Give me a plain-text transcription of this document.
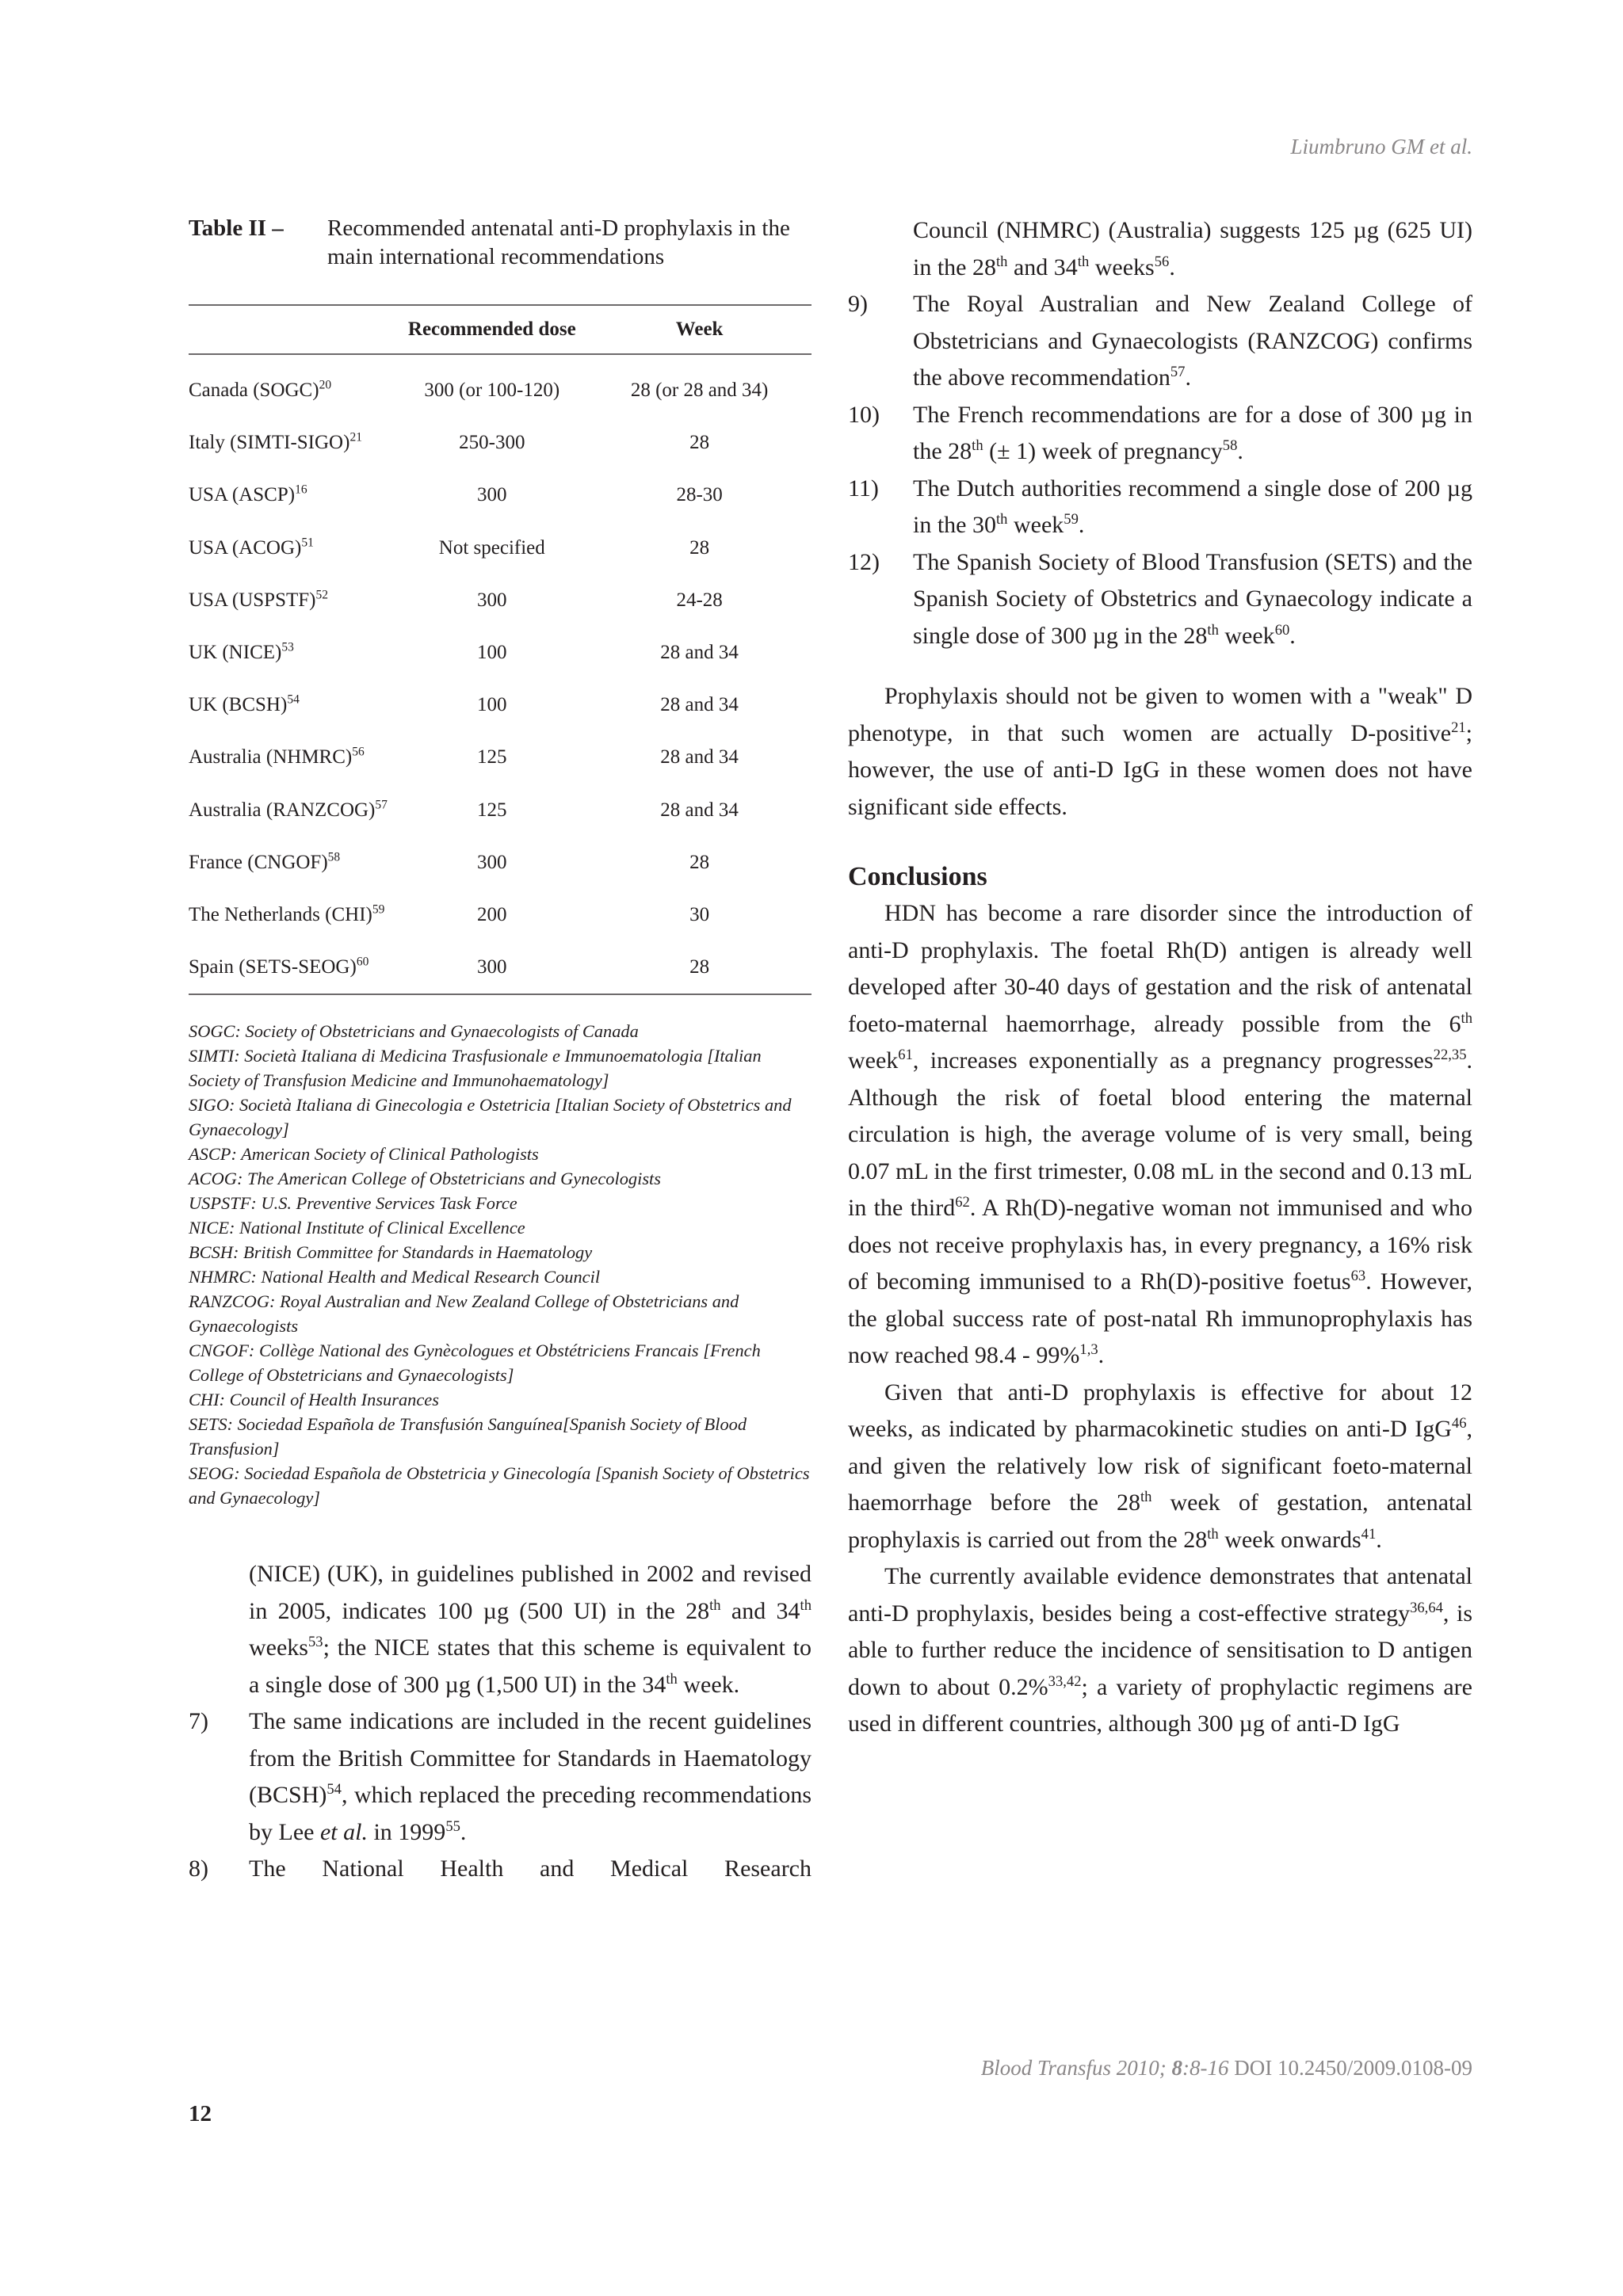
Liumbruno GM et al.
Table II –	Recommended antenatal anti-D prophylaxis in the main international recommendations
	Recommended dose	Week
Canada (SOGC)$^{20}$	300 (or 100-120)	28 (or 28 and 34)
Italy (SIMTI-SIGO)$^{21}$	250-300	28
USA (ASCP)$^{16}$	300	28-30
USA (ACOG)$^{51}$	Not specified	28
USA (USPSTF)$^{52}$	300	24-28
UK (NICE)$^{53}$	100	28 and 34
UK (BCSH)$^{54}$	100	28 and 34
Australia (NHMRC)$^{56}$	125	28 and 34
Australia (RANZCOG)$^{57}$	125	28 and 34
France (CNGOF)$^{58}$	300	28
The Netherlands (CHI)$^{59}$	200	30
Spain (SETS-SEOG)$^{60}$	300	28
SOGC: Society of Obstetricians and Gynaecologists of Canada
SIMTI: Società Italiana di Medicina Trasfusionale e Immunoematologia [Italian Society of Transfusion Medicine and Immunohaematology]
SIGO: Società Italiana di Ginecologia e Ostetricia [Italian Society of Obstetrics and Gynaecology]
ASCP: American Society of Clinical Pathologists
ACOG: The American College of Obstetricians and Gynecologists
USPSTF: U.S. Preventive Services Task Force
NICE: National Institute of Clinical Excellence
BCSH: British Committee for Standards in Haematology
NHMRC: National Health and Medical Research Council
RANZCOG: Royal Australian and New Zealand College of Obstetricians and Gynaecologists
CNGOF: Collège National des Gynècologues et Obstétriciens Francais [French College of Obstetricians and Gynaecologists]
CHI: Council of Health Insurances
SETS: Sociedad Española de Transfusión Sanguínea[Spanish Society of Blood Transfusion]
SEOG: Sociedad Española de Obstetricia y Ginecología [Spanish Society of Obstetrics and Gynaecology]
(NICE) (UK), in guidelines published in 2002 and revised in 2005, indicates 100 µg (500 UI) in the 28th and 34th weeks$^{53}$; the NICE states that this scheme is equivalent to a single dose of 300 µg (1,500 UI) in the 34th week.
7)	The same indications are included in the recent guidelines from the British Committee for Standards in Haematology (BCSH)$^{54}$, which replaced the preceding recommendations by Lee et al. in 1999$^{55}$.
8)	The National Health and Medical Research
Council (NHMRC) (Australia) suggests 125 µg (625 UI) in the 28th and 34th weeks$^{56}$.
9)	The Royal Australian and New Zealand College of Obstetricians and Gynaecologists (RANZCOG) confirms the above recommendation$^{57}$.
10)	The French recommendations are for a dose of 300 µg in the 28th (± 1) week of pregnancy$^{58}$.
11)	The Dutch authorities recommend a single dose of 200 µg in the 30th week$^{59}$.
12)	The Spanish Society of Blood Transfusion (SETS) and the Spanish Society of Obstetrics and Gynaecology indicate a single dose of 300 µg in the 28th week$^{60}$.
Prophylaxis should not be given to women with a "weak" D phenotype, in that such women are actually D-positive$^{21}$; however, the use of anti-D IgG in these women does not have significant side effects.
Conclusions
HDN has become a rare disorder since the introduction of anti-D prophylaxis. The foetal Rh(D) antigen is already well developed after 30-40 days of gestation and the risk of antenatal foeto-maternal haemorrhage, already possible from the 6th week$^{61}$, increases exponentially as a pregnancy progresses$^{22,35}$. Although the risk of foetal blood entering the maternal circulation is high, the average volume of is very small, being 0.07 mL in the first trimester, 0.08 mL in the second and 0.13 mL in the third$^{62}$. A Rh(D)-negative woman not immunised and who does not receive prophylaxis has, in every pregnancy, a 16% risk of becoming immunised to a Rh(D)-positive foetus$^{63}$. However, the global success rate of post-natal Rh immunoprophylaxis has now reached 98.4 - 99%$^{1,3}$.
Given that anti-D prophylaxis is effective for about 12 weeks, as indicated by pharmacokinetic studies on anti-D IgG$^{46}$, and given the relatively low risk of significant foeto-maternal haemorrhage before the 28th week of gestation, antenatal prophylaxis is carried out from the 28th week onwards$^{41}$.
The currently available evidence demonstrates that antenatal anti-D prophylaxis, besides being a cost-effective strategy$^{36,64}$, is able to further reduce the incidence of sensitisation to D antigen down to about 0.2%$^{33,42}$; a variety of prophylactic regimens are used in different countries, although 300 µg of anti-D IgG
Blood Transfus 2010; 8:8-16 DOI 10.2450/2009.0108-09
12
